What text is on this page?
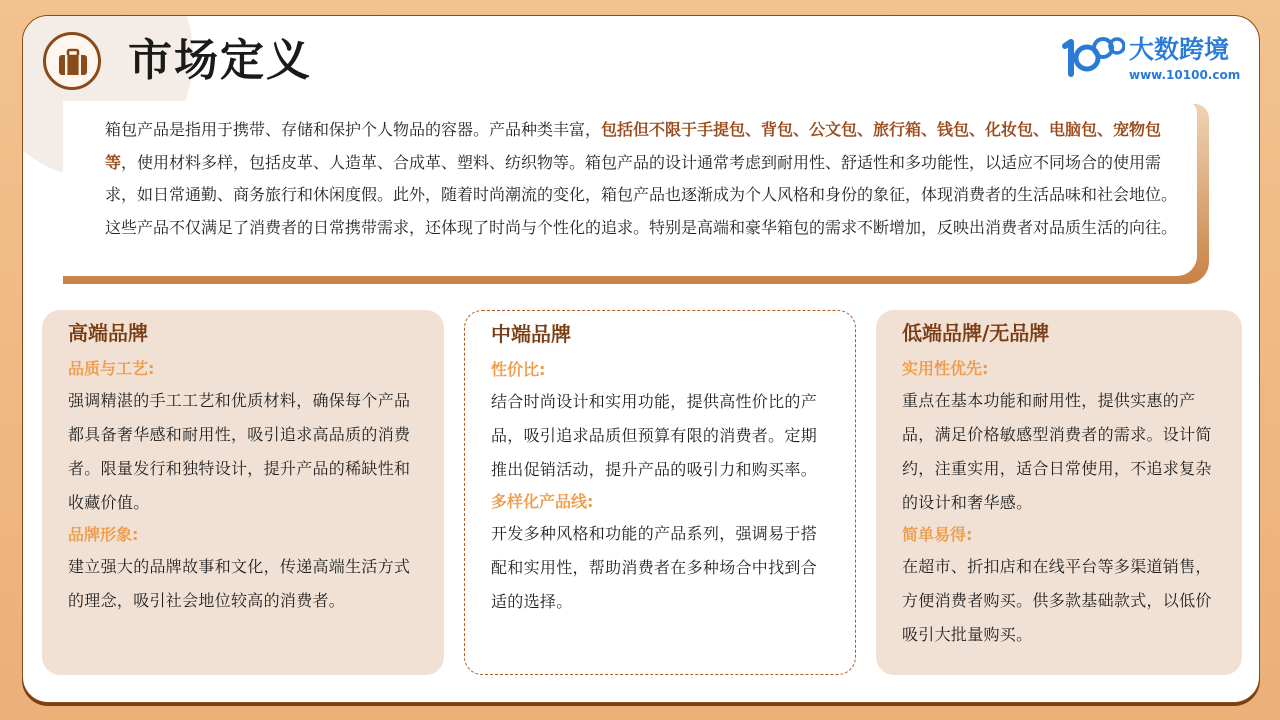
市场定义	大数跨境
www.10100.com

箱包产品是指用于携带、存储和保护个人物品的容器。产品种类丰富，包括但不限于手提包、背包、公文包、旅行箱、钱包、化妆包、电脑包、宠物包等，使用材料多样，包括皮革、人造革、合成革、塑料、纺织物等。箱包产品的设计通常考虑到耐用性、舒适性和多功能性，以适应不同场合的使用需求，如日常通勤、商务旅行和休闲度假。此外，随着时尚潮流的变化，箱包产品也逐渐成为个人风格和身份的象征，体现消费者的生活品味和社会地位。这些产品不仅满足了消费者的日常携带需求，还体现了时尚与个性化的追求。特别是高端和豪华箱包的需求不断增加，反映出消费者对品质生活的向往。

高端品牌

品质与工艺:

强调精湛的手工工艺和优质材料，确保每个产品都具备奢华感和耐用性，吸引追求高品质的消费者。限量发行和独特设计，提升产品的稀缺性和收藏价值。

品牌形象:

建立强大的品牌故事和文化，传递高端生活方式的理念，吸引社会地位较高的消费者。

中端品牌

性价比:

结合时尚设计和实用功能，提供高性价比的产品，吸引追求品质但预算有限的消费者。定期推出促销活动，提升产品的吸引力和购买率。

多样化产品线:

开发多种风格和功能的产品系列，强调易于搭配和实用性，帮助消费者在多种场合中找到合适的选择。

低端品牌/无品牌

实用性优先:

重点在基本功能和耐用性，提供实惠的产品，满足价格敏感型消费者的需求。设计简约，注重实用，适合日常使用，不追求复杂的设计和奢华感。

简单易得:

在超市、折扣店和在线平台等多渠道销售，方便消费者购买。供多款基础款式，以低价吸引大批量购买。
